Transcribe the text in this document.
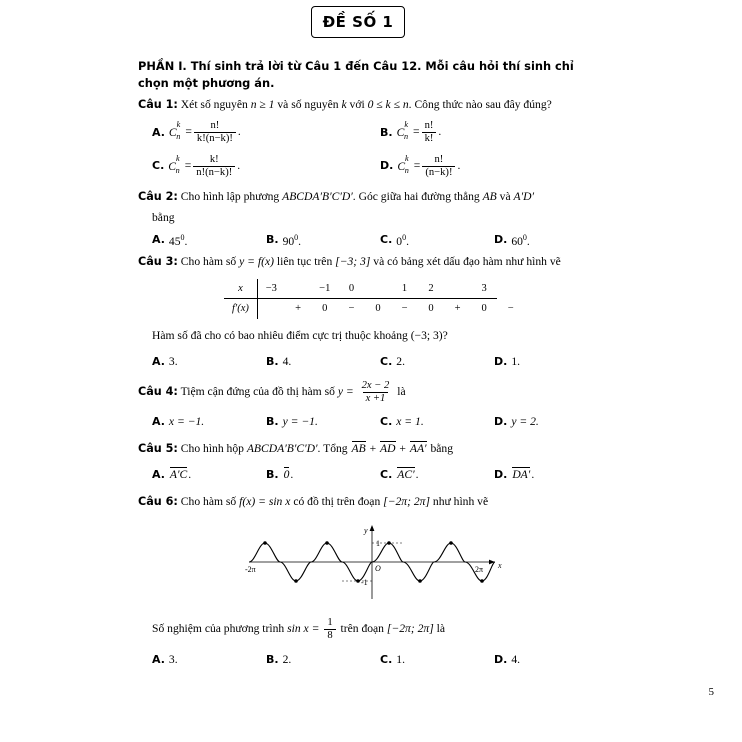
ĐỀ SỐ 1
PHẦN I. Thí sinh trả lời từ Câu 1 đến Câu 12. Mỗi câu hỏi thí sinh chỉ chọn một phương án.
Câu 1: Xét số nguyên n ≥ 1 và số nguyên k với 0 ≤ k ≤ n. Công thức nào sau đây đúng?
A. $C^k_n = \frac{n!}{k!(n-k)!}$ .	B. $C^k_n = \frac{n!}{k!}$ .
C. $C^k_n = \frac{k!}{n!(n-k)!}$ .	D. $C^k_n = \frac{n!}{(n-k)!}$ .
Câu 2: Cho hình lập phương ABCDA′B′C′D′. Góc giữa hai đường thẳng AB và A′D′
bằng
A. $45^0$.	B. $90^0$.	C. $0^0$.	D. $60^0$.
Câu 3: Cho hàm số y = f(x) liên tục trên [−3; 3] và có bảng xét dấu đạo hàm như hình vẽ
x	−3		−1	0		1	2		3	
f′(x)		+	0	−	0	−	0	+	0	−
Hàm số đã cho có bao nhiêu điểm cực trị thuộc khoảng (−3; 3)?
A. 3.	B. 4.	C. 2.	D. 1.
Câu 4: Tiệm cận đứng của đồ thị hàm số $y = \frac{2x - 2}{x +1}$ là
A. x = −1.	B. y = −1.	C. x = 1.	D. y = 2.
Câu 5: Cho hình hộp ABCDA′B′C′D′. Tổng AB + AD + AA′ bằng
A. A′C .	B. 0 .	C. AC′ .	D. DA′ .
Câu 6: Cho hàm số f(x) = sin x có đồ thị trên đoạn [−2π; 2π] như hình vẽ
y
x
O
1
-1
-2π	2π
Số nghiệm của phương trình $\sin x = \frac{1}{8}$ trên đoạn [−2π; 2π] là
A. 3.	B. 2.	C. 1.	D. 4.
5
